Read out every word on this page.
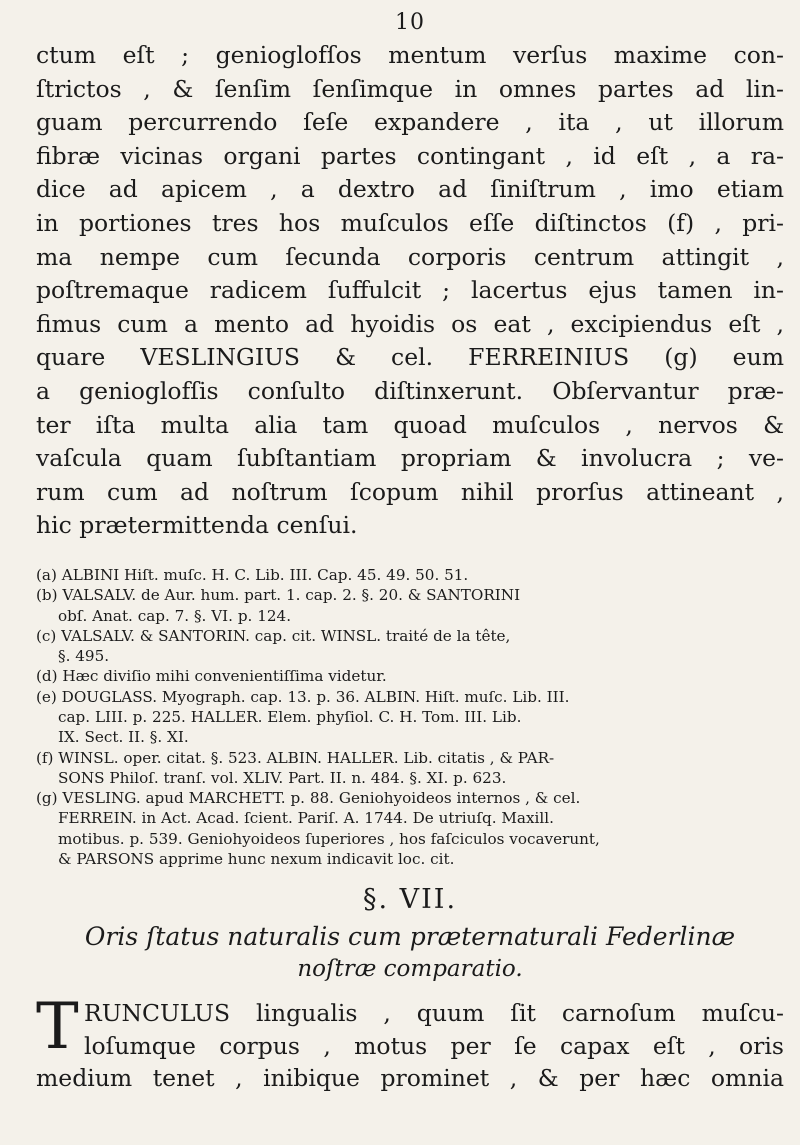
10
ctum eſt ; genioglofſos mentum verſus maxime con-
ſtrictos , & ſenſim ſenſimque in omnes partes ad lin-
guam percurrendo ſeſe expandere , ita , ut illorum
fibræ vicinas organi partes contingant , id eſt , a ra-
dice ad apicem , a dextro ad ſiniſtrum , imo etiam
in portiones tres hos muſculos eſſe diſtinctos (f) , pri-
ma nempe cum ſecunda corporis centrum attingit ,
poſtremaque radicem ſuffulcit ; lacertus ejus tamen in-
fimus cum a mento ad hyoidis os eat , excipiendus eſt ,
quare VESLINGIUS & cel. FERREINIUS (g) eum
a genioglofſis conſulto diſtinxerunt. Obſervantur præ-
ter iſta multa alia tam quoad muſculos , nervos &
vaſcula quam ſubſtantiam propriam & involucra ; ve-
rum cum ad noſtrum ſcopum nihil prorſus attineant ,
hic prætermittenda cenſui.
(a) ALBINI Hiſt. muſc. H. C. Lib. III. Cap. 45. 49. 50. 51.
(b) VALSALV. de Aur. hum. part. 1. cap. 2. §. 20. & SANTORINI
obſ. Anat. cap. 7. §. VI. p. 124.
(c) VALSALV. & SANTORIN. cap. cit. WINSL. traité de la tête,
§. 495.
(d) Hæc diviſio mihi convenientiſſima videtur.
(e) DOUGLASS. Myograph. cap. 13. p. 36. ALBIN. Hiſt. muſc. Lib. III.
cap. LIII. p. 225. HALLER. Elem. phyſiol. C. H. Tom. III. Lib.
IX. Sect. II. §. XI.
(f) WINSL. oper. citat. §. 523. ALBIN. HALLER. Lib. citatis , & PAR-
SONS Philoſ. tranſ. vol. XLIV. Part. II. n. 484. §. XI. p. 623.
(g) VESLING. apud MARCHETT. p. 88. Geniohyoideos internos , & cel.
FERREIN. in Act. Acad. ſcient. Pariſ. A. 1744. De utriuſq. Maxill.
motibus. p. 539. Geniohyoideos ſuperiores , hos faſciculos vocaverunt,
& PARSONS apprime hunc nexum indicavit loc. cit.
§. VII.
Oris ſtatus naturalis cum præternaturali Federlinæ
noſtræ comparatio.
T RUNCULUS lingualis , quum ſit carnoſum muſcu-
loſumque corpus , motus per ſe capax eſt , oris
medium tenet , inibique prominet , & per hæc omnia
